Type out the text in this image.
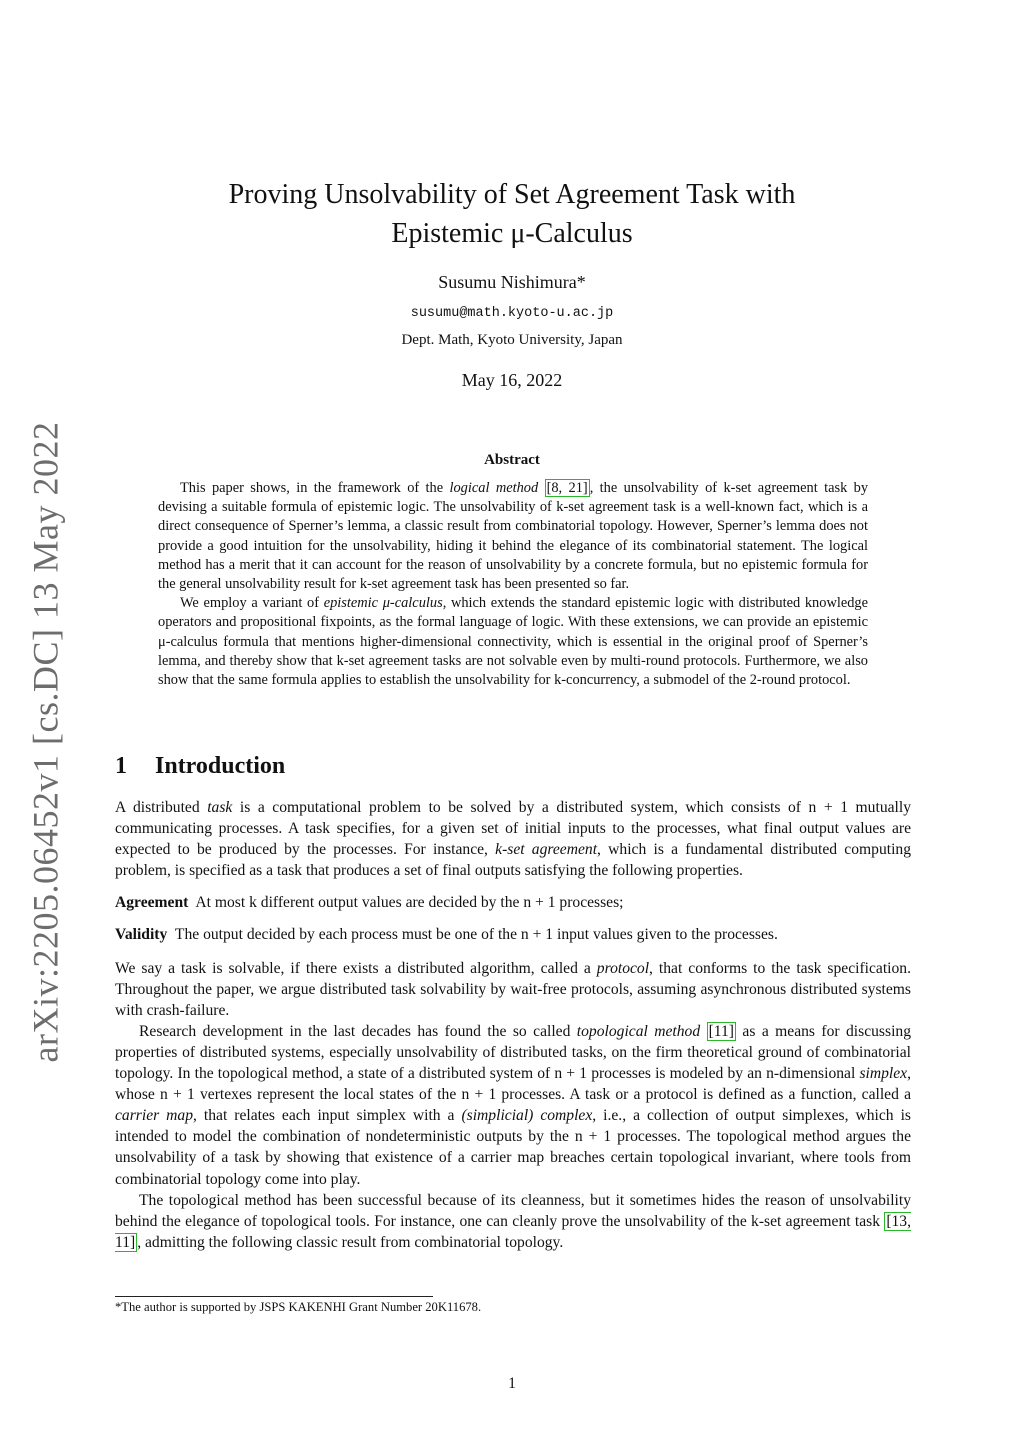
arXiv:2205.06452v1 [cs.DC] 13 May 2022
Proving Unsolvability of Set Agreement Task with
Epistemic μ-Calculus
Susumu Nishimura*
susumu@math.kyoto-u.ac.jp
Dept. Math, Kyoto University, Japan
May 16, 2022
Abstract

This paper shows, in the framework of the logical method [8, 21] , the unsolvability of k-set agreement task by devising a suitable formula of epistemic logic. The unsolvability of k-set agreement task is a well-known fact, which is a direct consequence of Sperner’s lemma, a classic result from combinatorial topology. However, Sperner’s lemma does not provide a good intuition for the unsolvability, hiding it behind the elegance of its combinatorial statement. The logical method has a merit that it can account for the reason of unsolvability by a concrete formula, but no epistemic formula for the general unsolvability result for k-set agreement task has been presented so far.

We employ a variant of epistemic μ-calculus, which extends the standard epistemic logic with distributed knowledge operators and propositional fixpoints, as the formal language of logic. With these extensions, we can provide an epistemic μ-calculus formula that mentions higher-dimensional connectivity, which is essential in the original proof of Sperner’s lemma, and thereby show that k-set agreement tasks are not solvable even by multi-round protocols. Furthermore, we also show that the same formula applies to establish the unsolvability for k-concurrency, a submodel of the 2-round protocol.

1 Introduction

A distributed task is a computational problem to be solved by a distributed system, which consists of n + 1 mutually communicating processes. A task specifies, for a given set of initial inputs to the processes, what final output values are expected to be produced by the processes. For instance, k-set agreement, which is a fundamental distributed computing problem, is specified as a task that produces a set of final outputs satisfying the following properties.

Agreement At most k different output values are decided by the n + 1 processes;

Validity The output decided by each process must be one of the n + 1 input values given to the processes.

We say a task is solvable, if there exists a distributed algorithm, called a protocol, that conforms to the task specification. Throughout the paper, we argue distributed task solvability by wait-free protocols, assuming asynchronous distributed systems with crash-failure.

Research development in the last decades has found the so called topological method [11] as a means for discussing properties of distributed systems, especially unsolvability of distributed tasks, on the firm theoretical ground of combinatorial topology. In the topological method, a state of a distributed system of n + 1 processes is modeled by an n-dimensional simplex, whose n + 1 vertexes represent the local states of the n + 1 processes. A task or a protocol is defined as a function, called a carrier map, that relates each input simplex with a (simplicial) complex, i.e., a collection of output simplexes, which is intended to model the combination of nondeterministic outputs by the n + 1 processes. The topological method argues the unsolvability of a task by showing that existence of a carrier map breaches certain topological invariant, where tools from combinatorial topology come into play.

The topological method has been successful because of its cleanness, but it sometimes hides the reason of unsolvability behind the elegance of topological tools. For instance, one can cleanly prove the unsolvability of the k-set agreement task [13, 11] , admitting the following classic result from combinatorial topology.

*The author is supported by JSPS KAKENHI Grant Number 20K11678.
1
